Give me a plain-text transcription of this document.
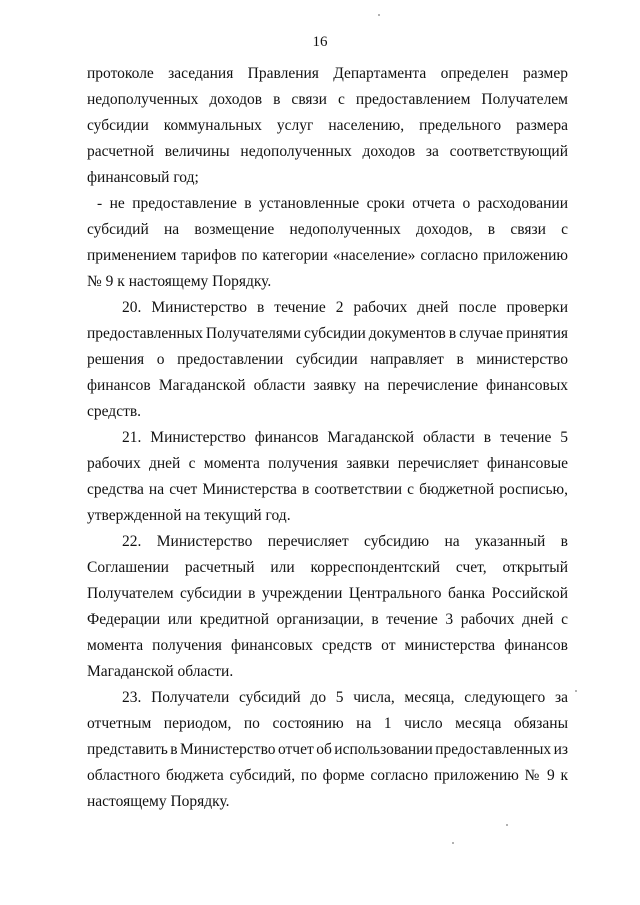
16
протоколе заседания Правления Департамента определен размер
недополученных доходов в связи с предоставлением Получателем
субсидии коммунальных услуг населению, предельного размера
расчетной величины недополученных доходов за соответствующий
финансовый год;
- не предоставление в установленные сроки отчета о расходовании
субсидий на возмещение недополученных доходов, в связи с
применением тарифов по категории «население» согласно приложению
№ 9 к настоящему Порядку.
20. Министерство в течение 2 рабочих дней после проверки
предоставленных Получателями субсидии документов в случае принятия
решения о предоставлении субсидии направляет в министерство
финансов Магаданской области заявку на перечисление финансовых
средств.
21. Министерство финансов Магаданской области в течение 5
рабочих дней с момента получения заявки перечисляет финансовые
средства на счет Министерства в соответствии с бюджетной росписью,
утвержденной на текущий год.
22. Министерство перечисляет субсидию на указанный в
Соглашении расчетный или корреспондентский счет, открытый
Получателем субсидии в учреждении Центрального банка Российской
Федерации или кредитной организации, в течение 3 рабочих дней с
момента получения финансовых средств от министерства финансов
Магаданской области.
23. Получатели субсидий до 5 числа, месяца, следующего за
отчетным периодом, по состоянию на 1 число месяца обязаны
представить в Министерство отчет об использовании предоставленных из
областного бюджета субсидий, по форме согласно приложению № 9 к
настоящему Порядку.
